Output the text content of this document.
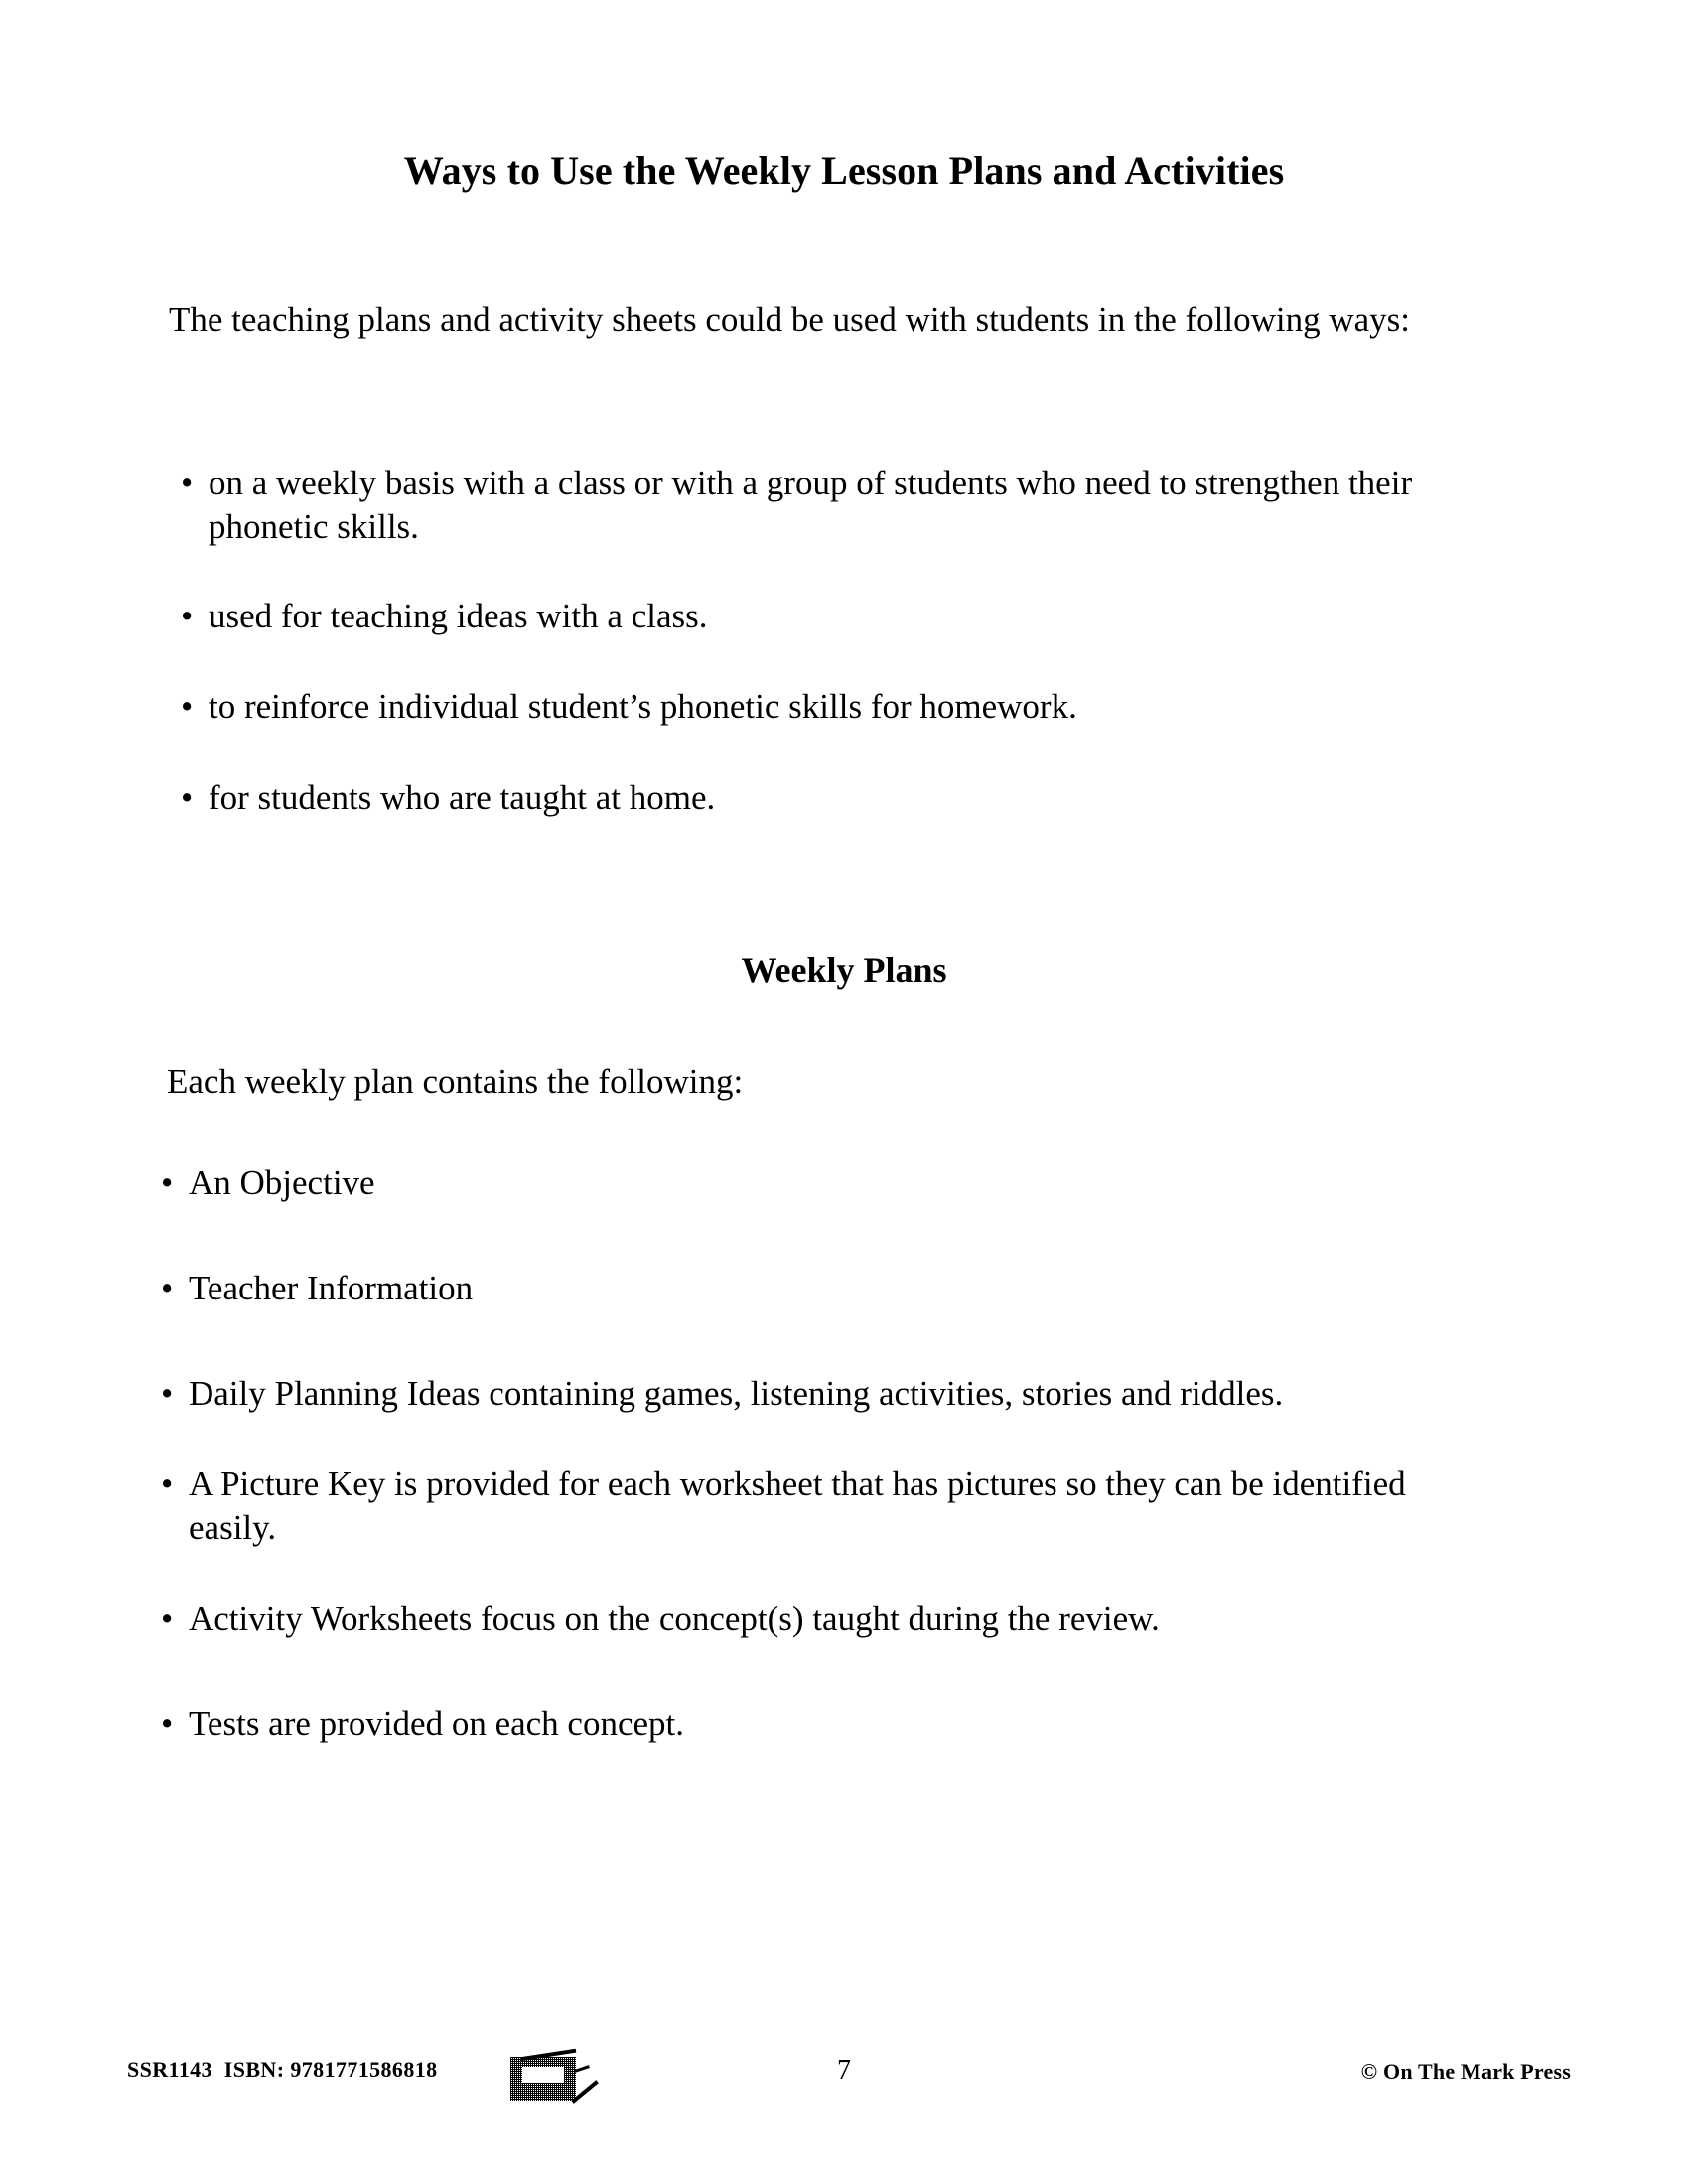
Ways to Use the Weekly Lesson Plans and Activities

The teaching plans and activity sheets could be used with students in the following ways:

• on a weekly basis with a class or with a group of students who need to strengthen their phonetic skills.
• used for teaching ideas with a class.
• to reinforce individual student’s phonetic skills for homework.
• for students who are taught at home.
Weekly Plans

Each weekly plan contains the following:

• An Objective
• Teacher Information
• Daily Planning Ideas containing games, listening activities, stories and riddles.
• A Picture Key is provided for each worksheet that has pictures so they can be identified easily.
• Activity Worksheets focus on the concept(s) taught during the review.
• Tests are provided on each concept.
SSR1143  ISBN: 9781771586818	7	© On The Mark Press
